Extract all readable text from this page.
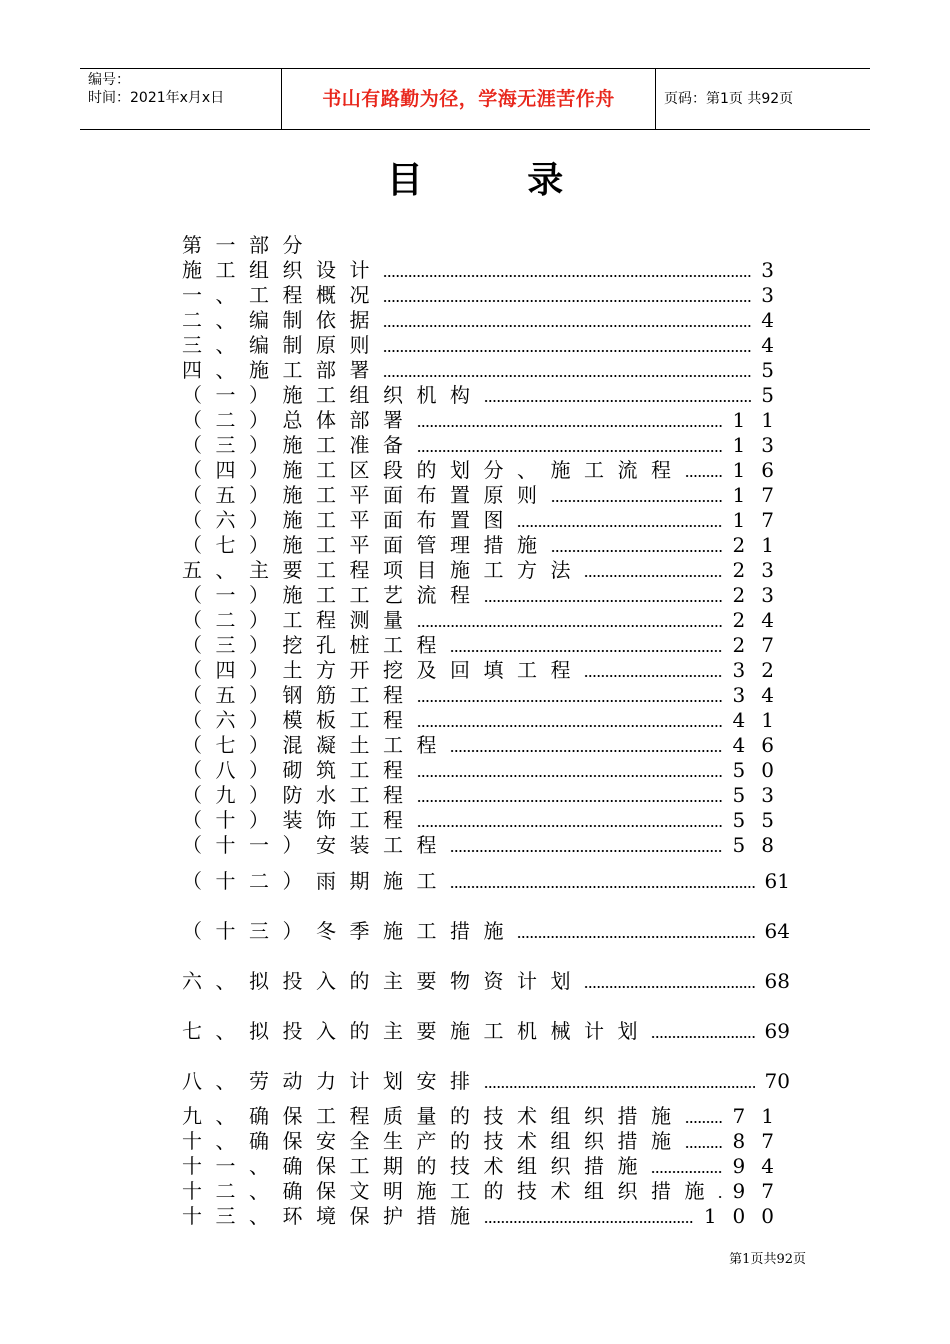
编号：
时间：2021年x月x日	书山有路勤为径，学海无涯苦作舟	页码：第1页 共92页
目 录
第一部分
施工组织设计	3
一、工程概况	3
二、编制依据	4
三、编制原则	4
四、施工部署	5
（一）施工组织机构	5
（二）总体部署	11
（三）施工准备	13
（四）施工区段的划分、施工流程 16
（五）施工平面布置原则	17
（六）施工平面布置图	17
（七）施工平面管理措施	21
五、主要工程项目施工方法	23
（一）施工工艺流程	23
（二）工程测量	24
（三）挖孔桩工程	27
（四）土方开挖及回填工程	32
（五）钢筋工程	34
（六）模板工程	41
（七）混凝土工程	46
（八）砌筑工程	50
（九）防水工程	53
（十）装饰工程	55
（十一）安装工程	58
（十二）雨期施工	61
（十三）冬季施工措施	64
六、拟投入的主要物资计划	68
七、拟投入的主要施工机械计划	69
八、劳动力计划安排	70
九、确保工程质量的技术组织措施 71
十、确保安全生产的技术组织措施 87
十一、确保工期的技术组织措施	94
十二、确保文明施工的技术组织措施 97
十三、环境保护措施	100
第1页共92页
